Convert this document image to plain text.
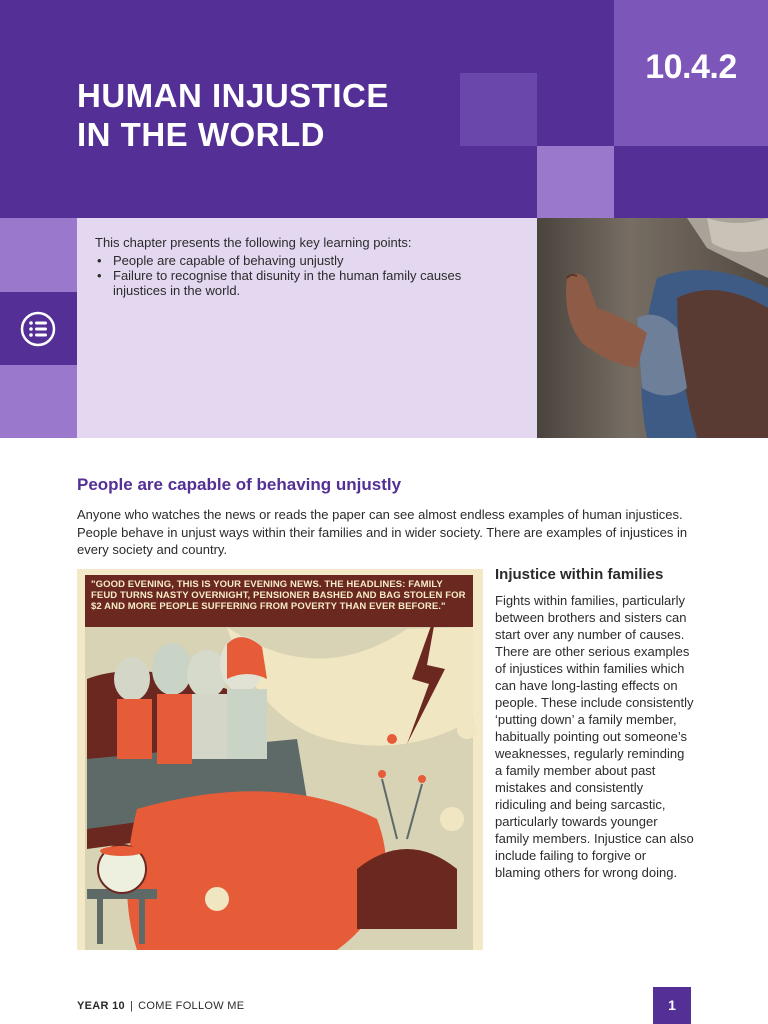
HUMAN INJUSTICE
IN THE WORLD
10.4.2

This chapter presents the following key learning points:

• People are capable of behaving unjustly
• Failure to recognise that disunity in the human family causes injustices in the world.
People are capable of behaving unjustly

Anyone who watches the news or reads the paper can see almost endless examples of human injustices. People behave in unjust ways within their families and in wider society. There are examples of injustices in every society and country.

"GOOD EVENING, THIS IS YOUR EVENING NEWS. THE HEADLINES: FAMILY FEUD TURNS NASTY OVERNIGHT, PENSIONER BASHED AND BAG STOLEN FOR $2 AND MORE PEOPLE SUFFERING FROM POVERTY THAN EVER BEFORE."
Injustice within families

Fights within families, particularly between brothers and sisters can start over any number of causes. There are other serious examples of injustices within families which can have long-lasting effects on people. These include consistently ‘putting down’ a family member, habitually pointing out someone’s weaknesses, regularly reminding a family member about past mistakes and consistently ridiculing and being sarcastic, particularly towards younger family members. Injustice can also include failing to forgive or blaming others for wrong doing.

YEAR 10 | COME FOLLOW ME	1
